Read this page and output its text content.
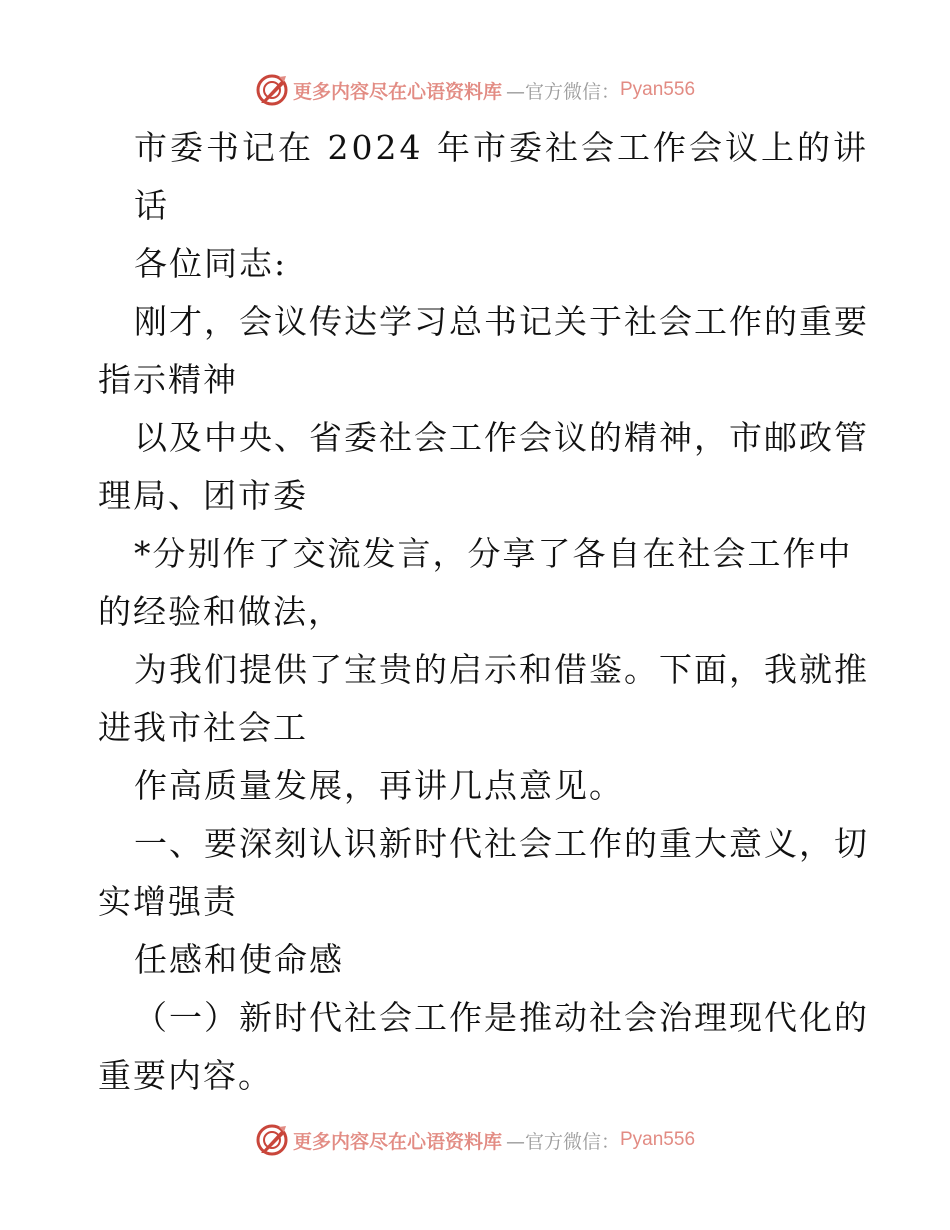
更多内容尽在心语资料库 —官方微信： Pyan556
市委书记在 2024 年市委社会工作会议上的讲
话
各位同志:
刚才，会议传达学习总书记关于社会工作的重要
指示精神
以及中央、省委社会工作会议的精神，市邮政管
理局、团市委
*分别作了交流发言，分享了各自在社会工作中
的经验和做法，
为我们提供了宝贵的启示和借鉴。下面，我就推
进我市社会工
作高质量发展，再讲几点意见。
一、要深刻认识新时代社会工作的重大意义，切
实增强责
任感和使命感
（一）新时代社会工作是推动社会治理现代化的
重要内容。
更多内容尽在心语资料库 —官方微信： Pyan556
